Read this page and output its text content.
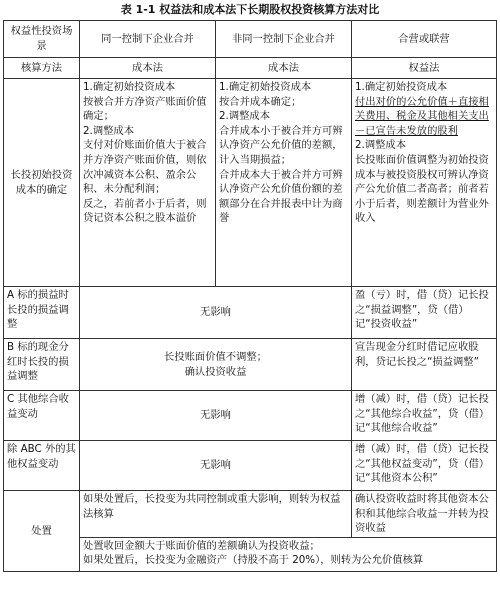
表 1-1 权益法和成本法下长期股权投资核算方法对比
权益性投资场景	同一控制下企业合并	非同一控制下企业合并	合营或联营
核算方法	成本法	成本法	权益法
长投初始投资成本的确定	1.确定初始投资成本
按被合并方净资产账面价值确定；
2.调整成本
支付对价账面价值大于被合并方净资产账面价值，则依次冲减资本公积、盈余公积、未分配利润；
反之，若前者小于后者，则贷记资本公积之股本溢价	1.确定初始投资成本
按合并成本确定；
2.调整成本
合并成本小于被合并方可辨认净资产公允价值的差额，计入当期损益；
合并成本大于被合并方可辨认净资产公允价值份额的差额部分在合并报表中计为商誉	1.确定初始投资成本
付出对价的公允价值＋直接相关费用、税金及其他相关支出－已宣告未发放的股利
2.调整成本
长投账面价值调整为初始投资成本与被投资股权可辨认净资产公允价值二者高者；前者若小于后者，则差额计为营业外收入

A 标的损益时长投的损益调整	无影响		盈（亏）时，借（贷）记长投之“损益调整”，贷（借）记“投资收益”
B 标的现金分红时长投的损益调整	长投账面价值不调整；
确认投资收益		宣告现金分红时借记应收股利，贷记长投之“损益调整”
C 其他综合收益变动	无影响		增（减）时，借（贷）记长投之“其他综合收益”，贷（借）记“其他综合收益”
除 ABC 外的其他权益变动	无影响		增（减）时，借（贷）记长投之“其他权益变动”，贷（借）记“其他资本公积”
处置	如果处置后，长投变为共同控制或重大影响，则转为权益法核算		确认投资收益时将其他资本公积和其他综合收益一并转为投资收益

	处置收回金额大于账面价值的差额确认为投资收益；
如果处置后，长投变为金融资产（持股不高于 20%），则转为公允价值核算		
